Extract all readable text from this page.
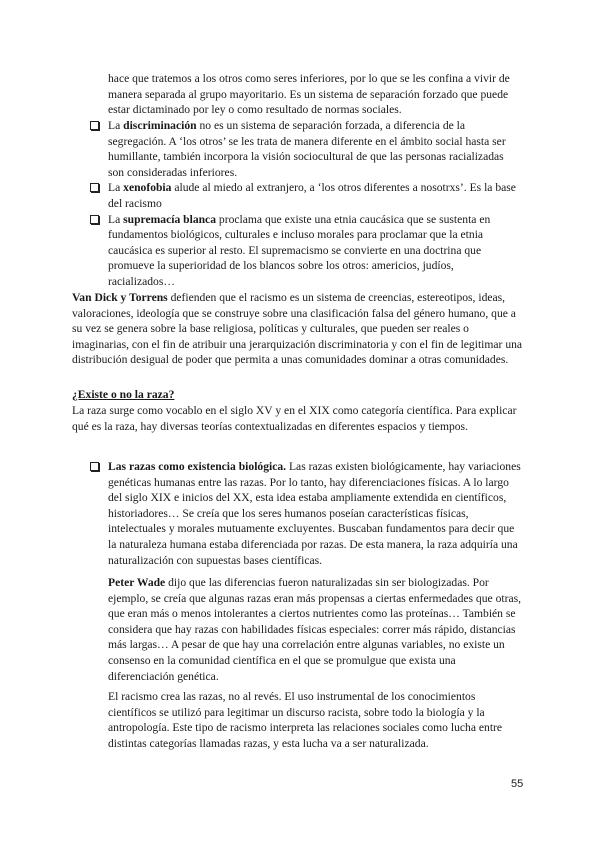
hace que tratemos a los otros como seres inferiores, por lo que se les confina a vivir de manera separada al grupo mayoritario. Es un sistema de separación forzado que puede estar dictaminado por ley o como resultado de normas sociales.

La discriminación no es un sistema de separación forzada, a diferencia de la segregación. A ‘los otros’ se les trata de manera diferente en el ámbito social hasta ser humillante, también incorpora la visión sociocultural de que las personas racializadas son consideradas inferiores.
La xenofobia alude al miedo al extranjero, a ‘los otros diferentes a nosotrxs’. Es la base del racismo
La supremacía blanca proclama que existe una etnia caucásica que se sustenta en fundamentos biológicos, culturales e incluso morales para proclamar que la etnia caucásica es superior al resto. El supremacismo se convierte en una doctrina que promueve la superioridad de los blancos sobre los otros: americios, judíos, racializados…

Van Dick y Torrens defienden que el racismo es un sistema de creencias, estereotipos, ideas, valoraciones, ideología que se construye sobre una clasificación falsa del género humano, que a su vez se genera sobre la base religiosa, políticas y culturales, que pueden ser reales o imaginarias, con el fin de atribuir una jerarquización discriminatoria y con el fin de legitimar una distribución desigual de poder que permita a unas comunidades dominar a otras comunidades.

¿Existe o no la raza?

La raza surge como vocablo en el siglo XV y en el XIX como categoría científica. Para explicar qué es la raza, hay diversas teorías contextualizadas en diferentes espacios y tiempos.

Las razas como existencia biológica. Las razas existen biológicamente, hay variaciones genéticas humanas entre las razas. Por lo tanto, hay diferenciaciones físicas. A lo largo del siglo XIX e inicios del XX, esta idea estaba ampliamente extendida en científicos, historiadores… Se creía que los seres humanos poseían características físicas, intelectuales y morales mutuamente excluyentes. Buscaban fundamentos para decir que la naturaleza humana estaba diferenciada por razas. De esta manera, la raza adquiría una naturalización con supuestas bases científicas.

Peter Wade dijo que las diferencias fueron naturalizadas sin ser biologizadas. Por ejemplo, se creía que algunas razas eran más propensas a ciertas enfermedades que otras, que eran más o menos intolerantes a ciertos nutrientes como las proteínas… También se considera que hay razas con habilidades físicas especiales: correr más rápido, distancias más largas… A pesar de que hay una correlación entre algunas variables, no existe un consenso en la comunidad científica en el que se promulgue que exista una diferenciación genética.

El racismo crea las razas, no al revés. El uso instrumental de los conocimientos científicos se utilizó para legitimar un discurso racista, sobre todo la biología y la antropología. Este tipo de racismo interpreta las relaciones sociales como lucha entre distintas categorías llamadas razas, y esta lucha va a ser naturalizada.

55
